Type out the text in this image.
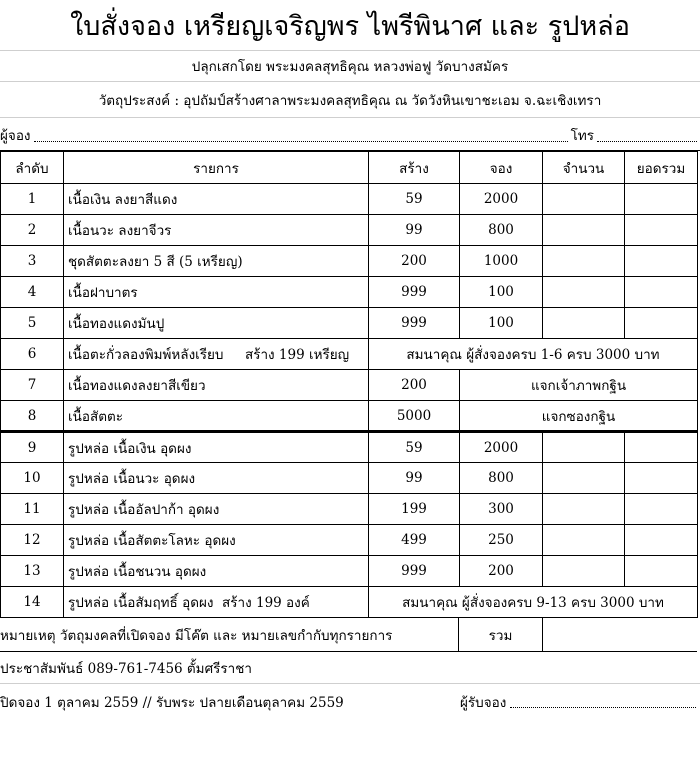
ใบสั่งจอง เหรียญเจริญพร ไพรีพินาศ และ รูปหล่อ
ปลุกเสกโดย พระมงคลสุทธิคุณ หลวงพ่อฟู วัดบางสมัคร
วัตถุประสงค์ : อุปถัมป์สร้างศาลาพระมงคลสุทธิคุณ ณ วัดวังหินเขาชะเอม จ.ฉะเชิงเทรา
ผู้จอง	โทร
ลำดับ	รายการ	สร้าง	จอง	จำนวน	ยอดรวม
1	เนื้อเงิน ลงยาสีแดง	59	2000		
2	เนื้อนวะ ลงยาจีวร	99	800		
3	ชุดสัตตะลงยา 5 สี (5 เหรียญ)	200	1000		
4	เนื้อฝาบาตร	999	100		
5	เนื้อทองแดงมันปู	999	100		
6	เนื้อตะกั่วลองพิมพ์หลังเรียบ     สร้าง 199 เหรียญ	สมนาคุณ ผู้สั่งจองครบ 1-6 ครบ 3000 บาท			
7	เนื้อทองแดงลงยาสีเขียว	200	แจกเจ้าภาพกฐิน		
8	เนื้อสัตตะ	5000	แจกซองกฐิน		
9	รูปหล่อ เนื้อเงิน อุดผง	59	2000		
10	รูปหล่อ เนื้อนวะ อุดผง	99	800		
11	รูปหล่อ เนื้ออัลปาก้า อุดผง	199	300		
12	รูปหล่อ เนื้อสัตตะโลหะ อุดผง	499	250		
13	รูปหล่อ เนื้อชนวน อุดผง	999	200		
14	รูปหล่อ เนื้อสัมฤทธิ์ อุดผง  สร้าง 199 องค์	สมนาคุณ ผู้สั่งจองครบ 9-13 ครบ 3000 บาท			
หมายเหตุ วัตถุมงคลที่เปิดจอง มีโค๊ต และ หมายเลขกำกับทุกรายการ	รวม
ประชาสัมพันธ์ 089-761-7456 ตั้มศรีราชา
ปิดจอง 1 ตุลาคม 2559 // รับพระ ปลายเดือนตุลาคม 2559	ผู้รับจอง
